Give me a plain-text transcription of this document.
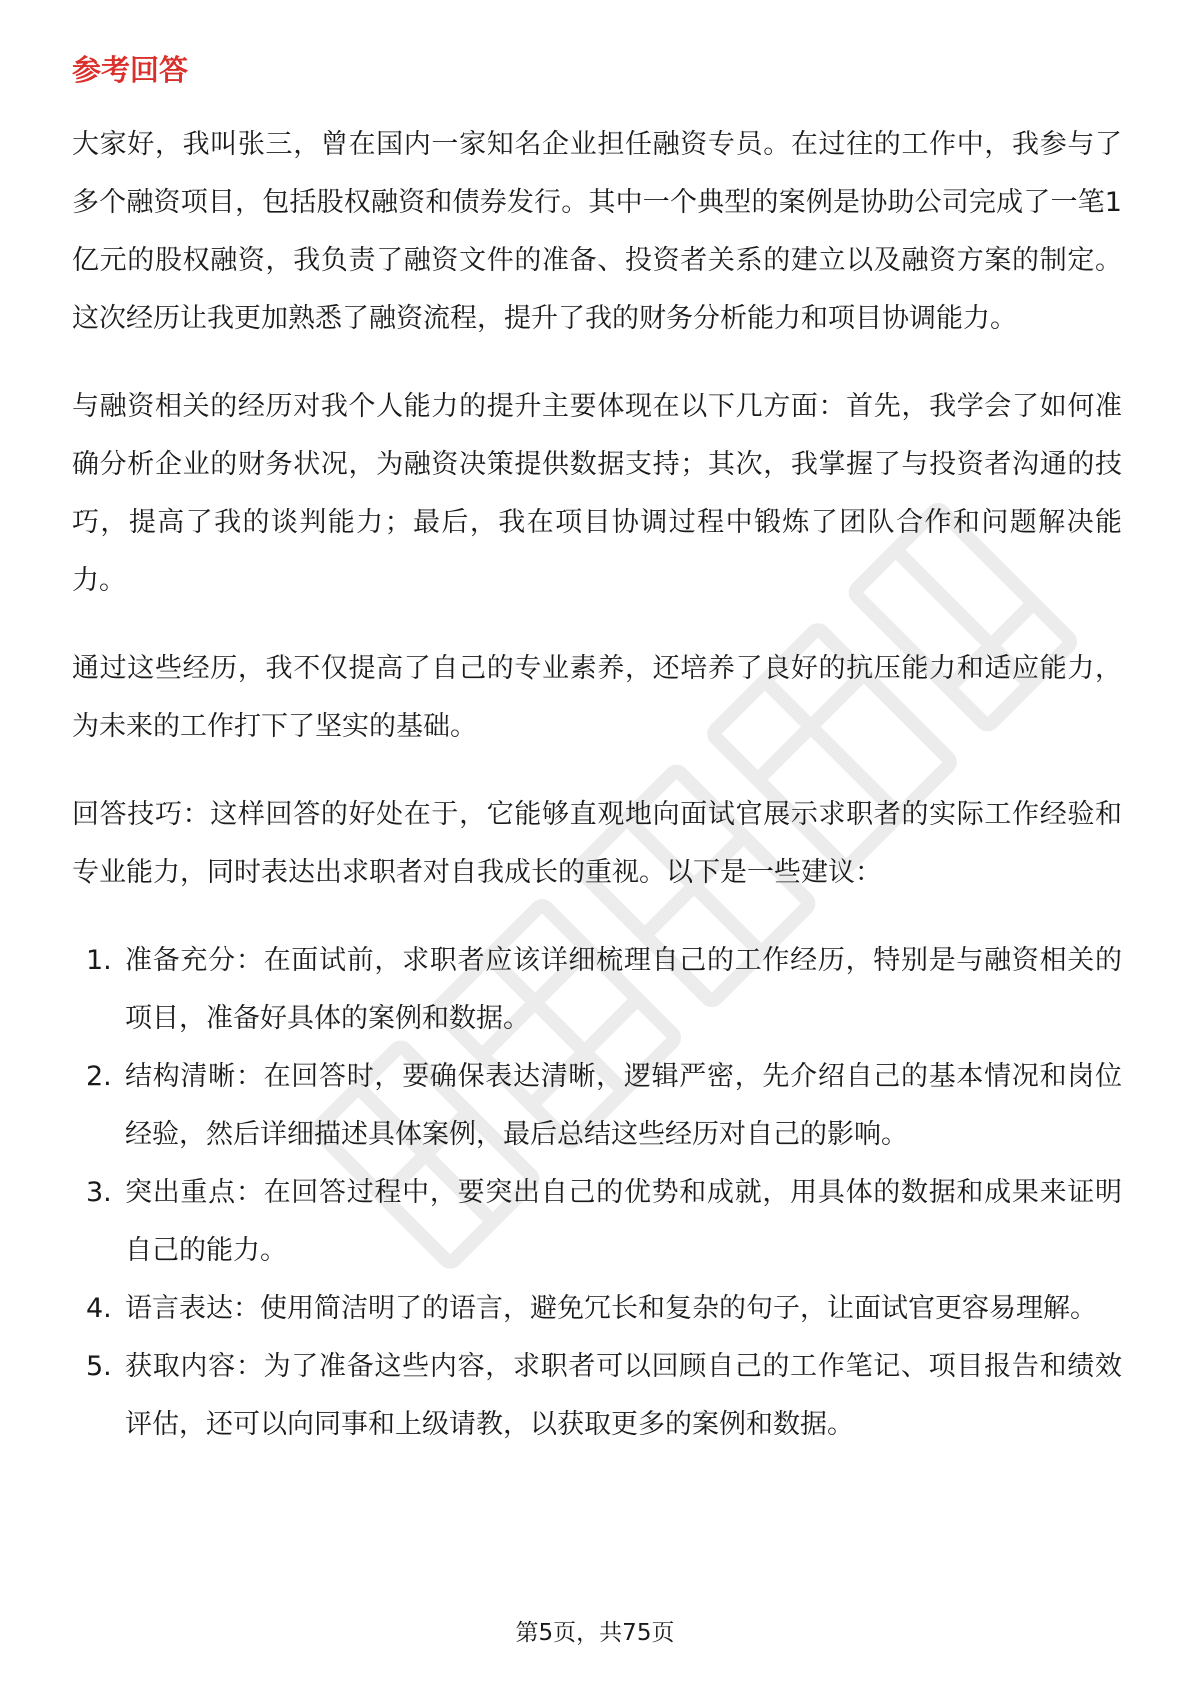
参考回答

大家好，我叫张三，曾在国内一家知名企业担任融资专员。在过往的工作中，我参与了多个融资项目，包括股权融资和债券发行。其中一个典型的案例是协助公司完成了一笔1亿元的股权融资，我负责了融资文件的准备、投资者关系的建立以及融资方案的制定。这次经历让我更加熟悉了融资流程，提升了我的财务分析能力和项目协调能力。

与融资相关的经历对我个人能力的提升主要体现在以下几方面：首先，我学会了如何准确分析企业的财务状况，为融资决策提供数据支持；其次，我掌握了与投资者沟通的技巧，提高了我的谈判能力；最后，我在项目协调过程中锻炼了团队合作和问题解决能力。

通过这些经历，我不仅提高了自己的专业素养，还培养了良好的抗压能力和适应能力，为未来的工作打下了坚实的基础。

回答技巧：这样回答的好处在于，它能够直观地向面试官展示求职者的实际工作经验和专业能力，同时表达出求职者对自我成长的重视。以下是一些建议：

1. 准备充分：在面试前，求职者应该详细梳理自己的工作经历，特别是与融资相关的项目，准备好具体的案例和数据。
2. 结构清晰：在回答时，要确保表达清晰，逻辑严密，先介绍自己的基本情况和岗位经验，然后详细描述具体案例，最后总结这些经历对自己的影响。
3. 突出重点：在回答过程中，要突出自己的优势和成就，用具体的数据和成果来证明自己的能力。
4. 语言表达：使用简洁明了的语言，避免冗长和复杂的句子，让面试官更容易理解。
5. 获取内容：为了准备这些内容，求职者可以回顾自己的工作笔记、项目报告和绩效评估，还可以向同事和上级请教，以获取更多的案例和数据。
第5页，共75页
